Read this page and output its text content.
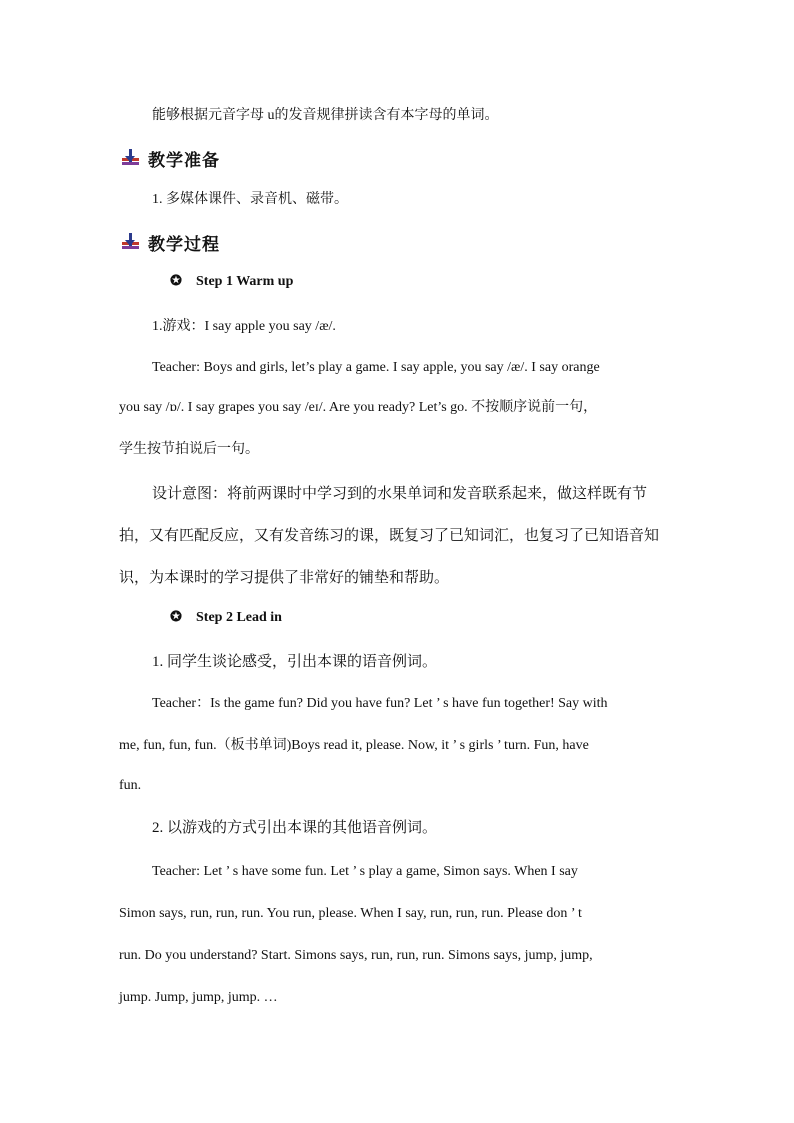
能够根据元音字母 u的发音规律拼读含有本字母的单词。
教学准备
1. 多媒体课件、录音机、磁带。
教学过程
✪ Step 1 Warm up
1.游戏：I say apple you say /æ/.
Teacher: Boys and girls, let’s play a game. I say apple, you say /æ/. I say orange
you say /ɒ/. I say grapes you say /eɪ/. Are you ready? Let’s go. 不按顺序说前一句，
学生按节拍说后一句。
设计意图：将前两课时中学习到的水果单词和发音联系起来，做这样既有节
拍，又有匹配反应，又有发音练习的课，既复习了已知词汇，也复习了已知语音知
识，为本课时的学习提供了非常好的铺垫和帮助。
✪ Step 2 Lead in
1. 同学生谈论感受，引出本课的语音例词。
Teacher：Is the game fun? Did you have fun? Let ’ s have fun together! Say with
me, fun, fun, fun.（板书单词)Boys read it, please. Now, it ’ s girls ’ turn. Fun, have
fun.
2. 以游戏的方式引出本课的其他语音例词。
Teacher: Let ’ s have some fun. Let ’ s play a game, Simon says. When I say
Simon says, run, run, run. You run, please. When I say, run, run, run. Please don ’ t
run. Do you understand? Start. Simons says, run, run, run. Simons says, jump, jump,
jump. Jump, jump, jump. …
